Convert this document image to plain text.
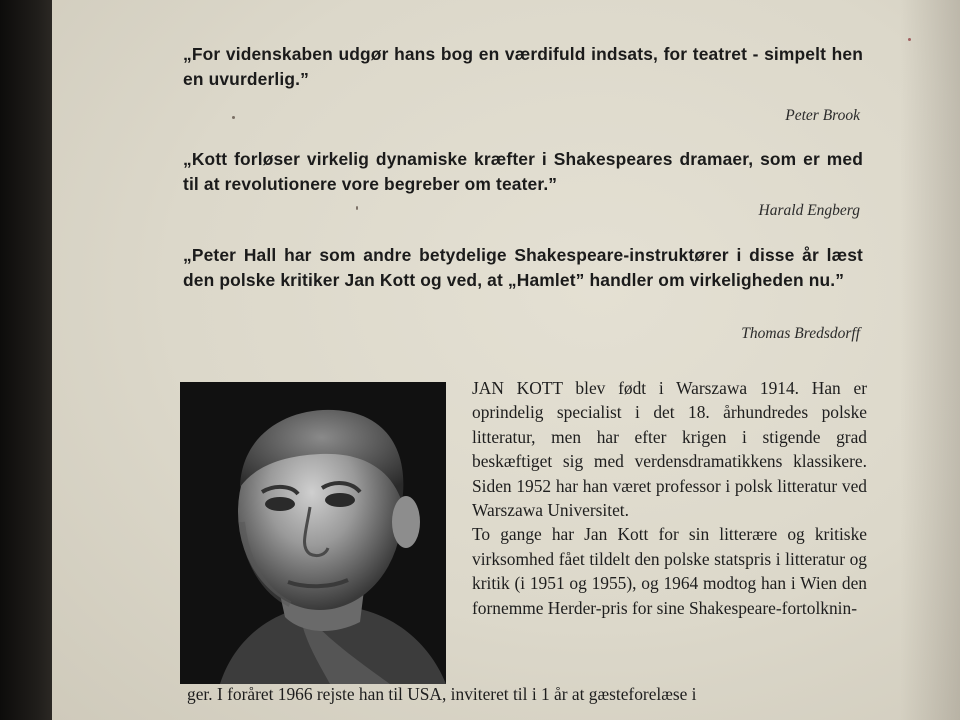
„For videnskaben udgør hans bog en værdifuld indsats, for teatret - simpelt hen en uvurderlig.”
Peter Brook
„Kott forløser virkelig dynamiske kræfter i Shakespeares dramaer, som er med til at revolutionere vore begreber om teater.”
Harald Engberg
„Peter Hall har som andre betydelige Shakespeare-instruktører i disse år læst den polske kritiker Jan Kott og ved, at „Hamlet” handler om virkeligheden nu.”
Thomas Bredsdorff

JAN KOTT blev født i Warszawa 1914. Han er oprindelig specialist i det 18. århundredes polske litteratur, men har efter krigen i stigende grad beskæftiget sig med verdensdramatikkens klassikere. Siden 1952 har han været professor i polsk litteratur ved Warszawa Universitet.

To gange har Jan Kott for sin litterære og kritiske virksomhed fået tildelt den polske statspris i litteratur og kritik (i 1951 og 1955), og 1964 modtog han i Wien den fornemme Herder-pris for sine Shakespeare-fortolknin-

ger. I foråret 1966 rejste han til USA, inviteret til i 1 år at gæsteforelæse i
